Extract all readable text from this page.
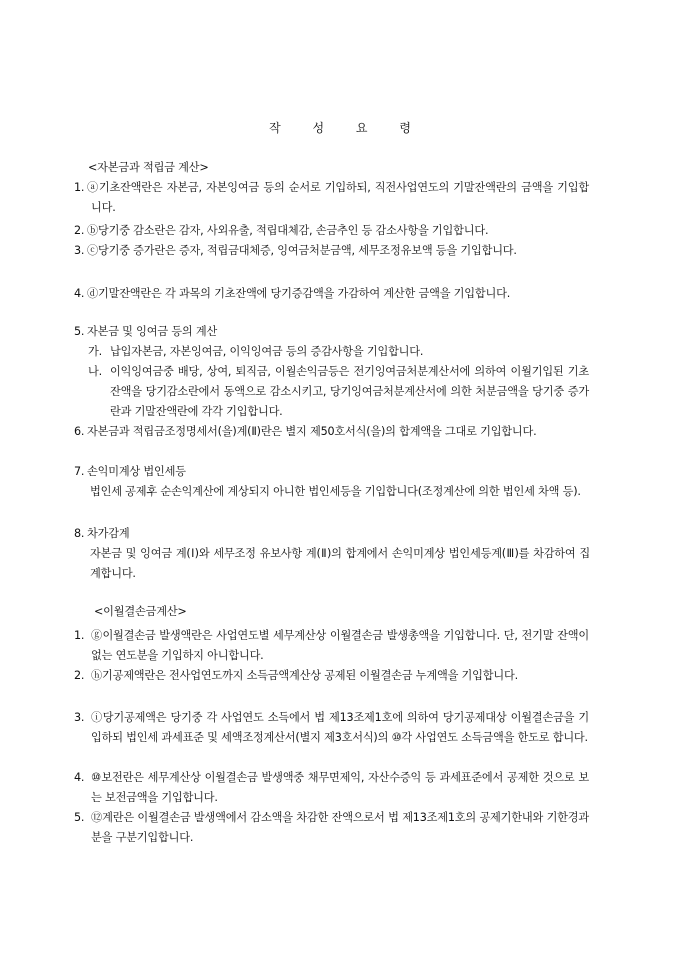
작 성 요 령
<자본금과 적립금 계산>
1. ⓐ기초잔액란은 자본금, 자본잉여금 등의 순서로 기입하되, 직전사업연도의 기말잔액란의 금액을 기입합니다.
2. ⓑ당기중 감소란은 감자, 사외유출, 적립대체감, 손금추인 등 감소사항을 기입합니다.
3. ⓒ당기중 증가란은 증자, 적립금대체증, 잉여금처분금액, 세무조정유보액 등을 기입합니다.
4. ⓓ기말잔액란은 각 과목의 기초잔액에 당기증감액을 가감하여 계산한 금액을 기입합니다.
5. 자본금 및 잉여금 등의 계산
가. 납입자본금, 자본잉여금, 이익잉여금 등의 증감사항을 기입합니다.
나. 이익잉여금중 배당, 상여, 퇴직금, 이월손익금등은 전기잉여금처분계산서에 의하여 이월기입된 기초잔액을 당기감소란에서 동액으로 감소시키고, 당기잉여금처분계산서에 의한 처분금액을 당기중 증가란과 기말잔액란에 각각 기입합니다.
6. 자본금과 적립금조정명세서(을)계(Ⅱ)란은 별지 제50호서식(을)의 합계액을 그대로 기입합니다.
7. 손익미계상 법인세등
법인세 공제후 순손익계산에 계상되지 아니한 법인세등을 기입합니다(조정계산에 의한 법인세 차액 등).
8. 차가감계
자본금 및 잉여금 계(Ⅰ)와 세무조정 유보사항 계(Ⅱ)의 합계에서 손익미계상 법인세등계(Ⅲ)를 차감하여 집계합니다.
<이월결손금계산>
1. ⓖ이월결손금 발생액란은 사업연도별 세무계산상 이월결손금 발생총액을 기입합니다. 단, 전기말 잔액이 없는 연도분을 기입하지 아니합니다.
2. ⓗ기공제액란은 전사업연도까지 소득금액계산상 공제된 이월결손금 누계액을 기입합니다.
3. ⓘ당기공제액은 당기중 각 사업연도 소득에서 법 제13조제1호에 의하여 당기공제대상 이월결손금을 기입하되 법인세 과세표준 및 세액조정계산서(별지 제3호서식)의 ⑩각 사업연도 소득금액을 한도로 합니다.
4. ⑩보전란은 세무계산상 이월결손금 발생액중 채무면제익, 자산수증익 등 과세표준에서 공제한 것으로 보는 보전금액을 기입합니다.
5. ⑫계란은 이월결손금 발생액에서 감소액을 차감한 잔액으로서 법 제13조제1호의 공제기한내와 기한경과분을 구분기입합니다.
